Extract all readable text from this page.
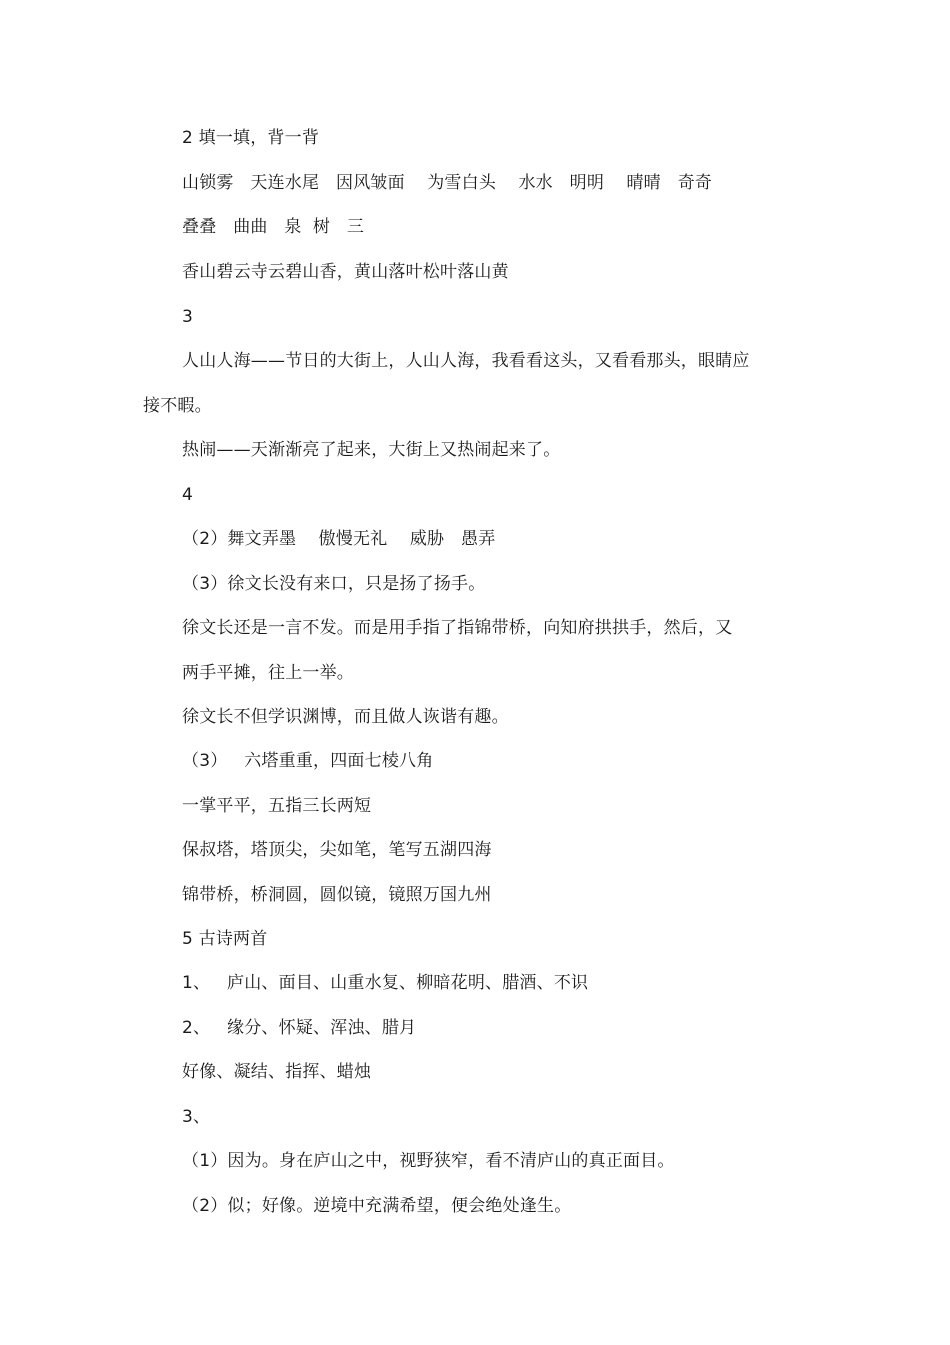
2 填一填，背一背
山锁雾   天连水尾   因风皱面    为雪白头    水水   明明    晴晴   奇奇
叠叠   曲曲   泉  树   三
香山碧云寺云碧山香，黄山落叶松叶落山黄
3
人山人海——节日的大街上，人山人海，我看看这头，又看看那头，眼睛应
接不暇。
热闹——天渐渐亮了起来，大街上又热闹起来了。
4
（2）舞文弄墨    傲慢无礼    威胁   愚弄
（3）徐文长没有来口，只是扬了扬手。
徐文长还是一言不发。而是用手指了指锦带桥，向知府拱拱手，然后，又
两手平摊，往上一举。
徐文长不但学识渊博，而且做人诙谐有趣。
（3）   六塔重重，四面七棱八角
一掌平平，五指三长两短
保叔塔，塔顶尖，尖如笔，笔写五湖四海
锦带桥，桥洞圆，圆似镜，镜照万国九州
5 古诗两首
1、   庐山、面目、山重水复、柳暗花明、腊酒、不识
2、   缘分、怀疑、浑浊、腊月
好像、凝结、指挥、蜡烛
3、
（1）因为。身在庐山之中，视野狭窄，看不清庐山的真正面目。
（2）似；好像。逆境中充满希望，便会绝处逢生。
